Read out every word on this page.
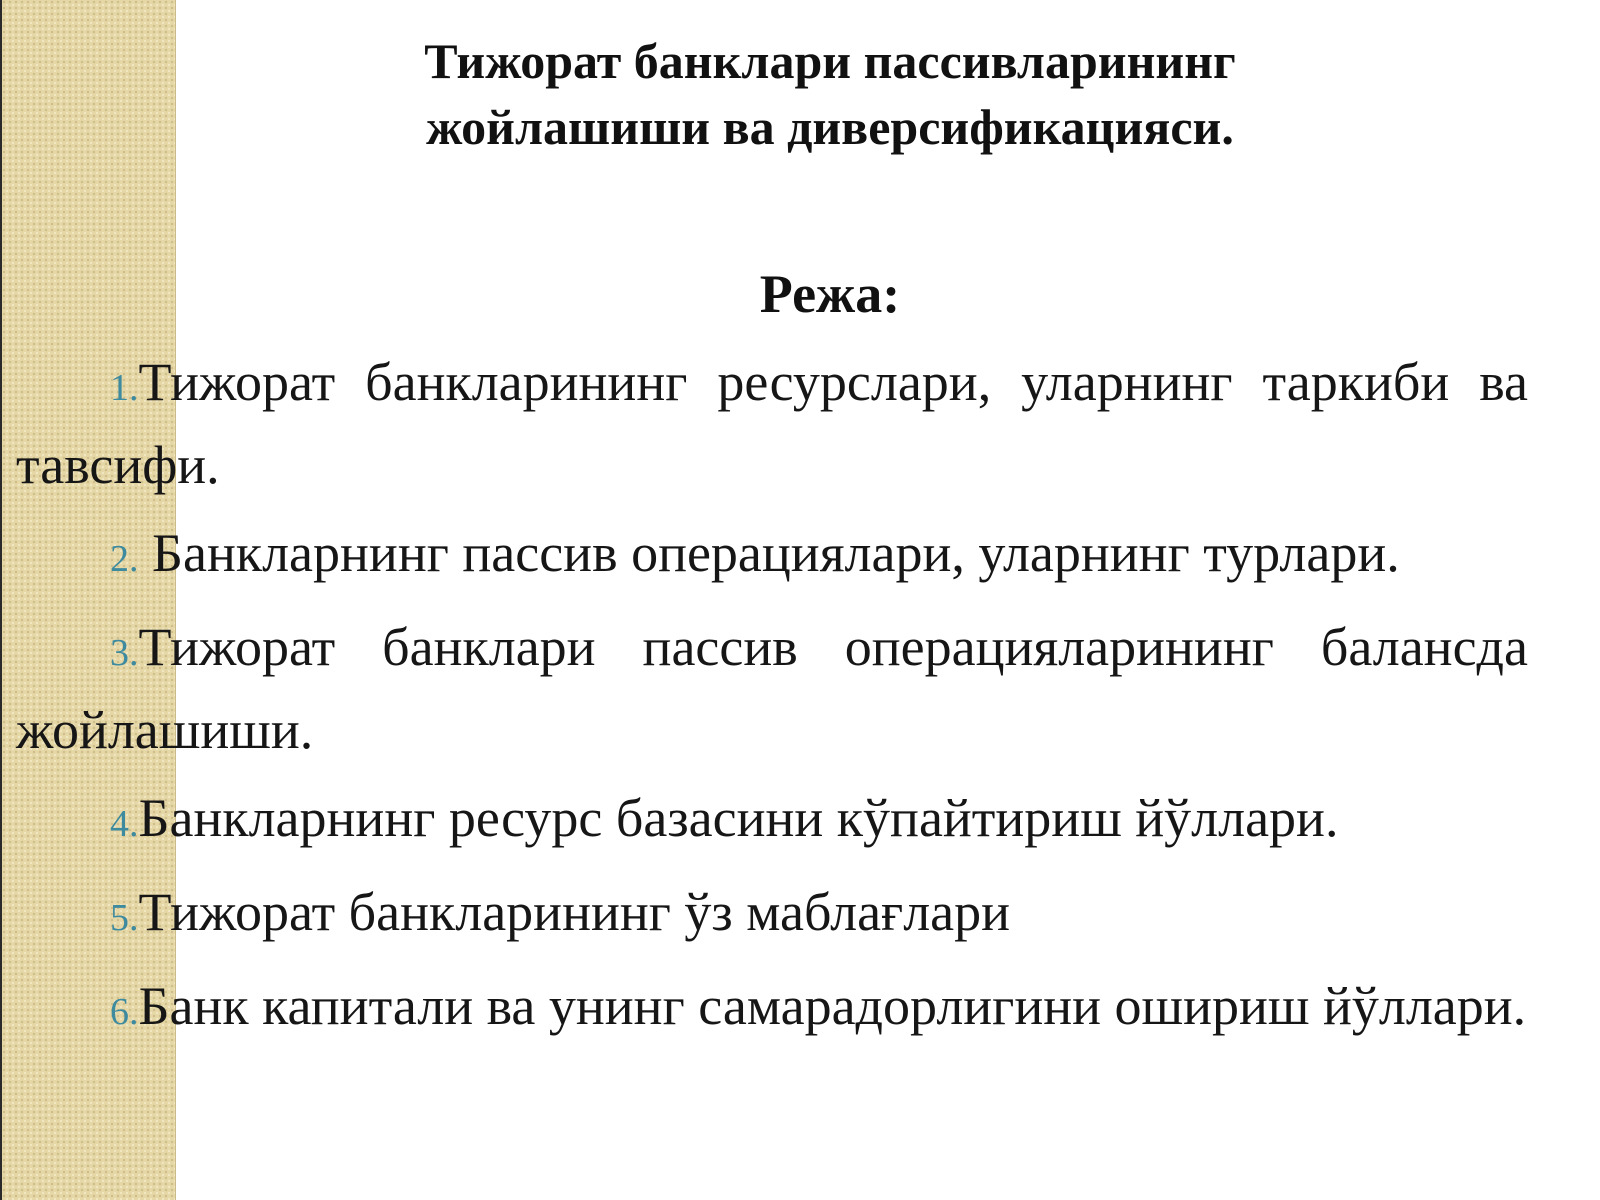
Тижорат банклари пассивларининг
жойлашиши ва диверсификацияси.
Режа:

1.Тижорат банкларининг ресурслари, уларнинг таркиби ва тавсифи.

2. Банкларнинг пассив операциялари, уларнинг турлари.

3.Тижорат банклари пассив операцияларининг балансда жойлашиши.

4.Банкларнинг ресурс базасини кўпайтириш йўллари.

5.Тижорат банкларининг ўз маблағлари

6.Банк капитали ва унинг самарадорлигини ошириш йўллари.
